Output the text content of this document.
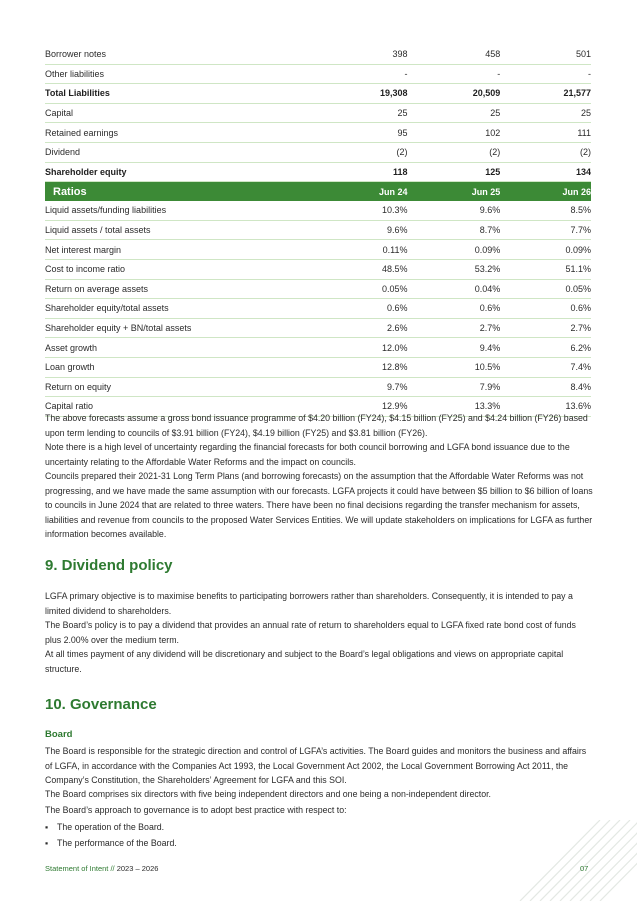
Borrower notes	398	458	501
Other liabilities	-	-	-
Total Liabilities	19,308	20,509	21,577
Capital	25	25	25
Retained earnings	95	102	111
Dividend	(2)	(2)	(2)
Shareholder equity	118	125	134
Ratios	Jun 24	Jun 25	Jun 26
Liquid assets/funding liabilities	10.3%	9.6%	8.5%
Liquid assets / total assets	9.6%	8.7%	7.7%
Net interest margin	0.11%	0.09%	0.09%
Cost to income ratio	48.5%	53.2%	51.1%
Return on average assets	0.05%	0.04%	0.05%
Shareholder equity/total assets	0.6%	0.6%	0.6%
Shareholder equity + BN/total assets	2.6%	2.7%	2.7%
Asset growth	12.0%	9.4%	6.2%
Loan growth	12.8%	10.5%	7.4%
Return on equity	9.7%	7.9%	8.4%
Capital ratio	12.9%	13.3%	13.6%

The above forecasts assume a gross bond issuance programme of $4.20 billion (FY24), $4.15 billion (FY25) and $4.24 billion (FY26) based upon term lending to councils of $3.91 billion (FY24), $4.19 billion (FY25) and $3.81 billion (FY26).

Note there is a high level of uncertainty regarding the financial forecasts for both council borrowing and LGFA bond issuance due to the uncertainty relating to the Affordable Water Reforms and the impact on councils.

Councils prepared their 2021-31 Long Term Plans (and borrowing forecasts) on the assumption that the Affordable Water Reforms was not progressing, and we have made the same assumption with our forecasts. LGFA projects it could have between $5 billion to $6 billion of loans to councils in June 2024 that are related to three waters. There have been no final decisions regarding the transfer mechanism for assets, liabilities and revenue from councils to the proposed Water Services Entities. We will update stakeholders on implications for LGFA as further information becomes available.

9. Dividend policy

LGFA primary objective is to maximise benefits to participating borrowers rather than shareholders. Consequently, it is intended to pay a limited dividend to shareholders.

The Board’s policy is to pay a dividend that provides an annual rate of return to shareholders equal to LGFA fixed rate bond cost of funds plus 2.00% over the medium term.

At all times payment of any dividend will be discretionary and subject to the Board’s legal obligations and views on appropriate capital structure.

10. Governance
Board

The Board is responsible for the strategic direction and control of LGFA’s activities. The Board guides and monitors the business and affairs of LGFA, in accordance with the Companies Act 1993, the Local Government Act 2002, the Local Government Borrowing Act 2011, the Company’s Constitution, the Shareholders’ Agreement for LGFA and this SOI.

The Board comprises six directors with five being independent directors and one being a non-independent director.

The Board’s approach to governance is to adopt best practice with respect to:

▪ The operation of the Board.
▪ The performance of the Board.
Statement of Intent // 2023 – 2026	07
